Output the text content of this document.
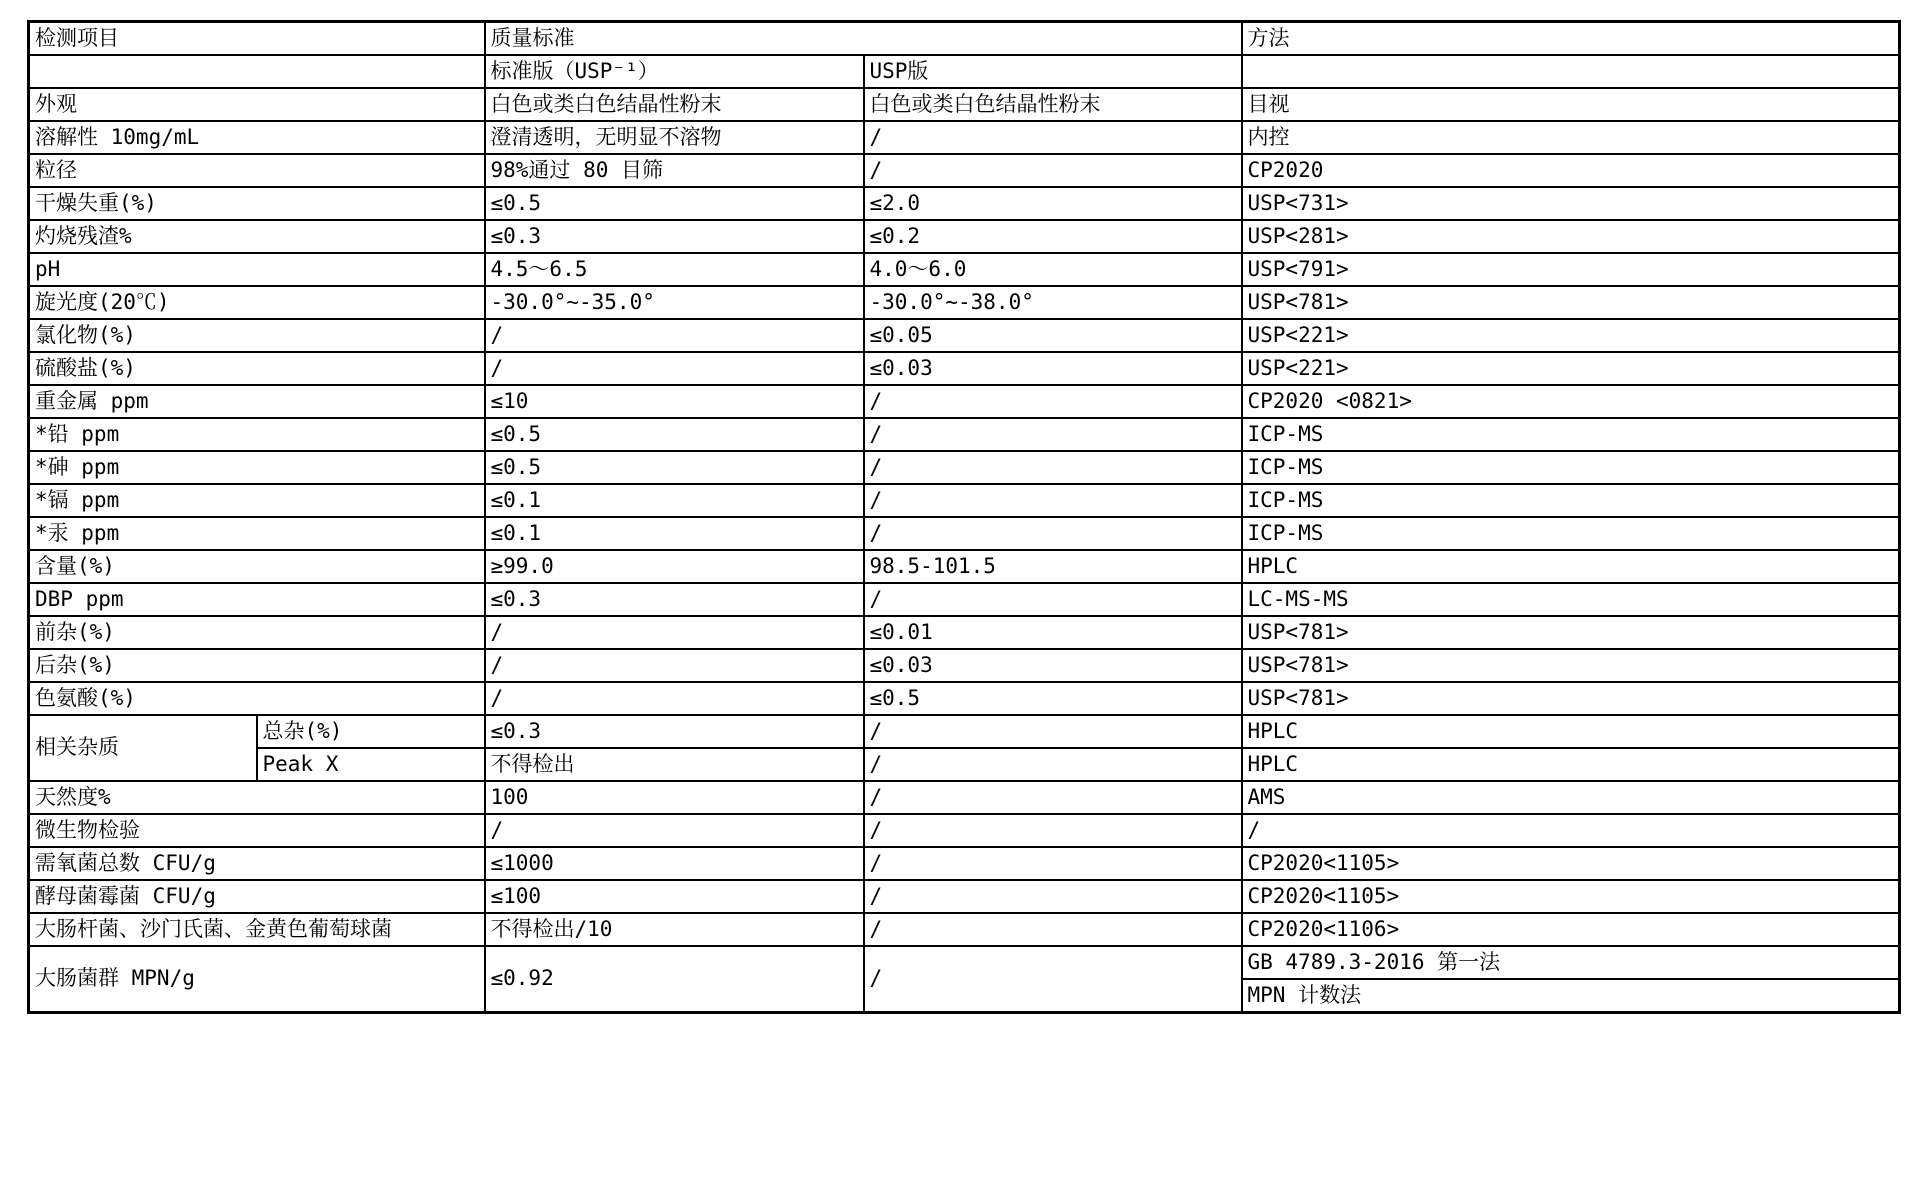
检测项目		质量标准		方法
		标准版（USP⁻¹）	USP版	
外观		白色或类白色结晶性粉末	白色或类白色结晶性粉末	目视
溶解性 10mg/mL		澄清透明，无明显不溶物	/	内控
粒径		98%通过 80 目筛	/	CP2020
干燥失重(%)		≤0.5	≤2.0	USP<731>
灼烧残渣%		≤0.3	≤0.2	USP<281>
pH		4.5～6.5	4.0～6.0	USP<791>
旋光度(20℃)		-30.0°~-35.0°	-30.0°~-38.0°	USP<781>
氯化物(%)		/	≤0.05	USP<221>
硫酸盐(%)		/	≤0.03	USP<221>
重金属 ppm		≤10	/	CP2020 <0821>
*铅 ppm		≤0.5	/	ICP-MS
*砷 ppm		≤0.5	/	ICP-MS
*镉 ppm		≤0.1	/	ICP-MS
*汞 ppm		≤0.1	/	ICP-MS
含量(%)		≥99.0	98.5-101.5	HPLC
DBP ppm		≤0.3	/	LC-MS-MS
前杂(%)		/	≤0.01	USP<781>
后杂(%)		/	≤0.03	USP<781>
色氨酸(%)		/	≤0.5	USP<781>
相关杂质	总杂(%)	≤0.3	/	HPLC
	Peak X	不得检出	/	HPLC
天然度%		100	/	AMS
微生物检验		/	/	/
需氧菌总数 CFU/g		≤1000	/	CP2020<1105>
酵母菌霉菌 CFU/g		≤100	/	CP2020<1105>
大肠杆菌、沙门氏菌、金黄色葡萄球菌		不得检出/10	/	CP2020<1106>
大肠菌群 MPN/g		≤0.92	/	GB 4789.3-2016 第一法
				MPN 计数法
